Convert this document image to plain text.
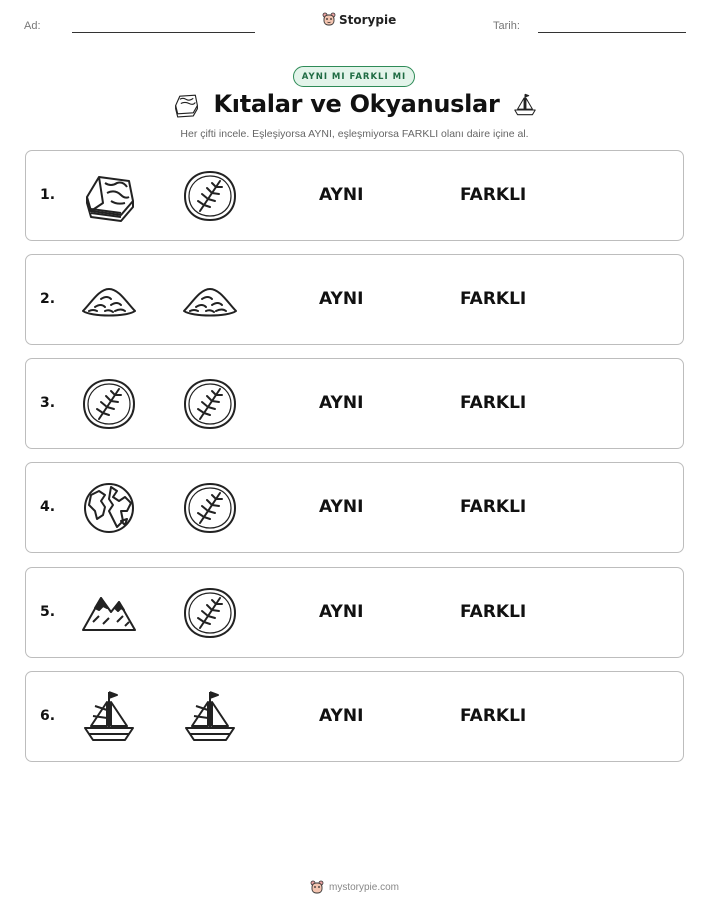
Ad:	Storypie	Tarih:
AYNI MI FARKLI MI
Kıtalar ve Okyanuslar
Her çifti incele. Eşleşiyorsa AYNI, eşleşmiyorsa FARKLI olanı daire içine al.
1.	AYNI	FARKLI
2.	AYNI	FARKLI
3.	AYNI	FARKLI
4.	AYNI	FARKLI
5.	AYNI	FARKLI
6.	AYNI	FARKLI
mystorypie.com
